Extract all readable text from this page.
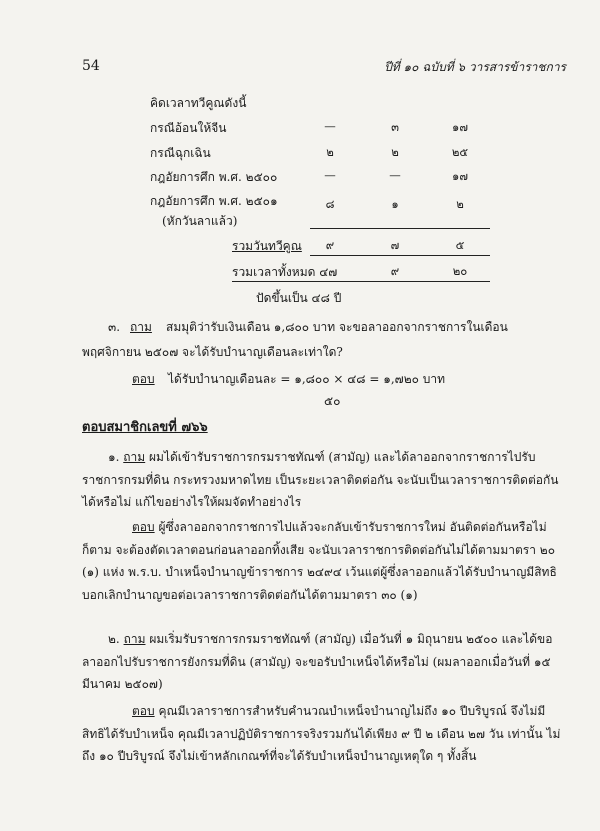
54	ปีที่ ๑๐ ฉบับที่ ๖ วารสารข้าราชการ
คิดเวลาทวีคูณดังนี้
กรณีอ้อนให้จีน	—	๓	๑๗
กรณีฉุกเฉิน	๒	๒	๒๕
กฎอัยการศึก พ.ศ. ๒๕๐๐	—	—	๑๗
กฎอัยการศึก พ.ศ. ๒๕๐๑	๘	๑	๒
(หักวันลาแล้ว)
รวมวันทวีคูณ	๙	๗	๕
รวมเวลาทั้งหมด ๔๗	๙	๒๐
ปัดขึ้นเป็น ๔๘ ปี
๓. ถาม สมมุติว่ารับเงินเดือน ๑,๘๐๐ บาท จะขอลาออกจากราชการในเดือน
พฤศจิกายน ๒๕๐๗ จะได้รับบำนาญเดือนละเท่าใด?
ตอบ ได้รับบำนาญเดือนละ = ๑,๘๐๐ × ๔๘ = ๑,๗๒๐ บาท
๕๐
ตอบสมาชิกเลขที่ ๗๖๖
๑. ถาม ผมได้เข้ารับราชการกรมราชทัณฑ์ (สามัญ) และได้ลาออกจากราชการไปรับราชการกรมที่ดิน กระทรวงมหาดไทย เป็นระยะเวลาติดต่อกัน จะนับเป็นเวลาราชการติดต่อกันได้หรือไม่ แก้ไขอย่างไรให้ผมจัดทำอย่างไร
ตอบ ผู้ซึ่งลาออกจากราชการไปแล้วจะกลับเข้ารับราชการใหม่ อันติดต่อกันหรือไม่ก็ตาม จะต้องตัดเวลาตอนก่อนลาออกทิ้งเสีย จะนับเวลาราชการติดต่อกันไม่ได้ตามมาตรา ๒๐ (๑) แห่ง พ.ร.บ. บำเหน็จบำนาญข้าราชการ ๒๔๙๔ เว้นแต่ผู้ซึ่งลาออกแล้วได้รับบำนาญมีสิทธิบอกเลิกบำนาญขอต่อเวลาราชการติดต่อกันได้ตามมาตรา ๓๐ (๑)
๒. ถาม ผมเริ่มรับราชการกรมราชทัณฑ์ (สามัญ) เมื่อวันที่ ๑ มิถุนายน ๒๕๐๐ และได้ขอลาออกไปรับราชการยังกรมที่ดิน (สามัญ) จะขอรับบำเหน็จได้หรือไม่ (ผมลาออกเมื่อวันที่ ๑๕ มีนาคม ๒๕๐๗)
ตอบ คุณมีเวลาราชการสำหรับคำนวณบำเหน็จบำนาญไม่ถึง ๑๐ ปีบริบูรณ์ จึงไม่มีสิทธิได้รับบำเหน็จ คุณมีเวลาปฏิบัติราชการจริงรวมกันได้เพียง ๙ ปี ๒ เดือน ๒๗ วัน เท่านั้น ไม่ถึง ๑๐ ปีบริบูรณ์ จึงไม่เข้าหลักเกณฑ์ที่จะได้รับบำเหน็จบำนาญเหตุใด ๆ ทั้งสิ้น
